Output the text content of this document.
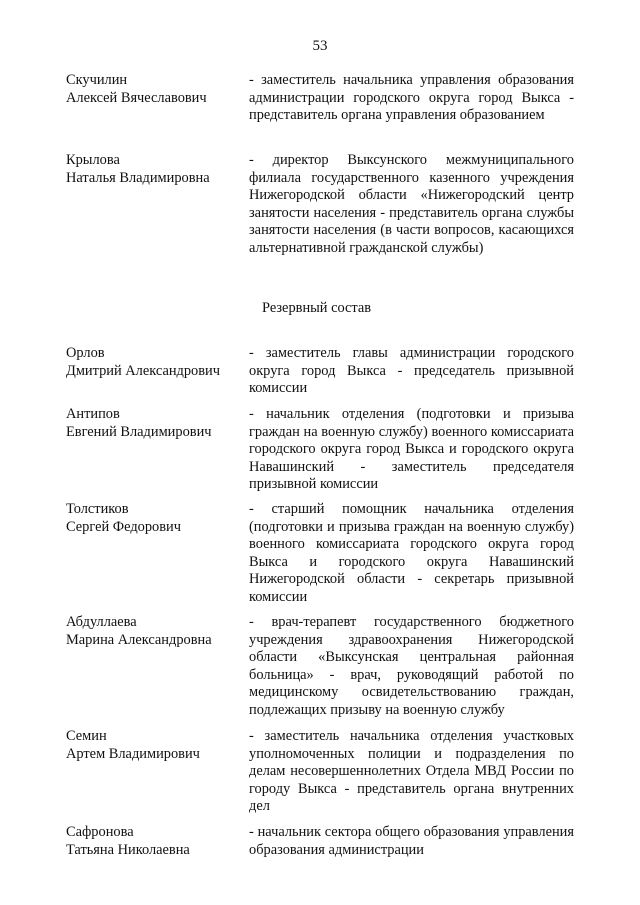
53
Скучилин
Алексей Вячеславович
- заместитель начальника управления образования администрации городского округа город Выкса - представитель органа управления образованием
Крылова
Наталья Владимировна
- директор Выксунского межмуниципального филиала государственного казенного учреждения Нижегородской области «Нижегородский центр занятости населения - представитель органа службы занятости населения (в части вопросов, касающихся альтернативной гражданской службы)
Резервный состав
Орлов
Дмитрий Александрович
- заместитель главы администрации городского округа город Выкса - председатель призывной комиссии
Антипов
Евгений Владимирович
- начальник отделения (подготовки и призыва граждан на военную службу) военного комиссариата городского округа город Выкса и городского округа Навашинский - заместитель председателя призывной комиссии
Толстиков
Сергей Федорович
- старший помощник начальника отделения (подготовки и призыва граждан на военную службу) военного комиссариата городского округа город Выкса и городского округа Навашинский Нижегородской области - секретарь призывной комиссии
Абдуллаева
Марина Александровна
- врач-терапевт государственного бюджетного учреждения здравоохранения Нижегородской области «Выксунская центральная районная больница» - врач, руководящий работой по медицинскому освидетельствованию граждан, подлежащих призыву на военную службу
Семин
Артем Владимирович
- заместитель начальника отделения участковых уполномоченных полиции и подразделения по делам несовершеннолетних Отдела МВД России по городу Выкса - представитель органа внутренних дел
Сафронова
Татьяна Николаевна
- начальник сектора общего образования управления образования администрации
